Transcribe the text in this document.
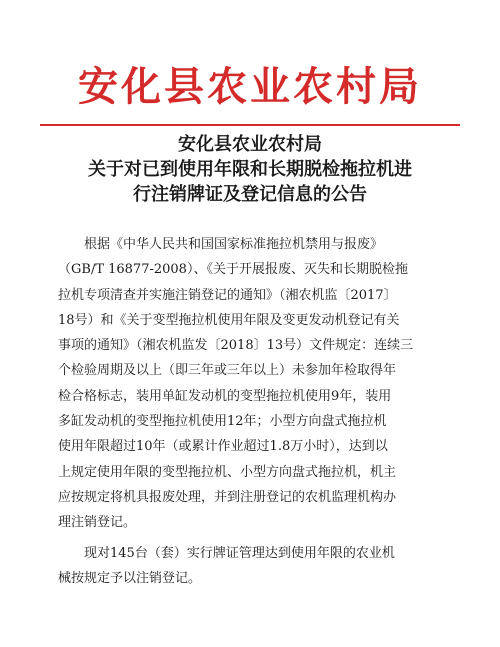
安化县农业农村局
安化县农业农村局
关于对已到使用年限和长期脱检拖拉机进
行注销牌证及登记信息的公告
　　根据《中华人民共和国国家标准拖拉机禁用与报废》
（GB/T 16877-2008）、《关于开展报废、灭失和长期脱检拖
拉机专项清查并实施注销登记的通知》（湘农机监〔2017〕
18号）和《关于变型拖拉机使用年限及变更发动机登记有关
事项的通知》（湘农机监发〔2018〕13号）文件规定：连续三
个检验周期及以上（即三年或三年以上）未参加年检取得年
检合格标志，装用单缸发动机的变型拖拉机使用9年，装用
多缸发动机的变型拖拉机使用12年；小型方向盘式拖拉机
使用年限超过10年（或累计作业超过1.8万小时），达到以
上规定使用年限的变型拖拉机、小型方向盘式拖拉机，机主
应按规定将机具报废处理，并到注册登记的农机监理机构办
理注销登记。
　　现对145台（套）实行牌证管理达到使用年限的农业机
械按规定予以注销登记。
